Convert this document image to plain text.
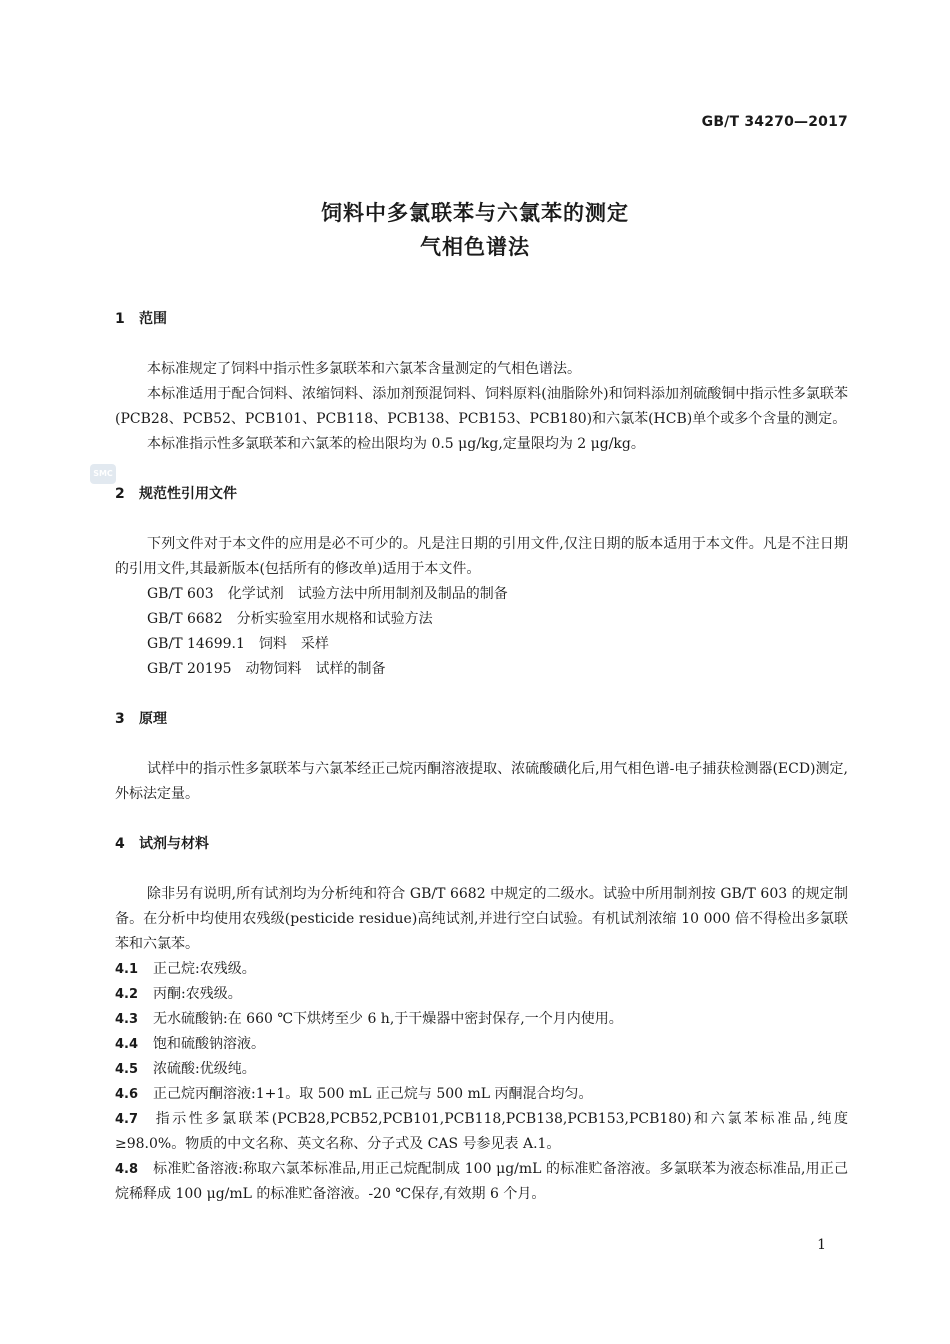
GB/T 34270—2017
饲料中多氯联苯与六氯苯的测定
气相色谱法
SMC
1 范围
本标准规定了饲料中指示性多氯联苯和六氯苯含量测定的气相色谱法。
本标准适用于配合饲料、浓缩饲料、添加剂预混饲料、饲料原料(油脂除外)和饲料添加剂硫酸铜中指示性多氯联苯(PCB28、PCB52、PCB101、PCB118、PCB138、PCB153、PCB180)和六氯苯(HCB)单个或多个含量的测定。
本标准指示性多氯联苯和六氯苯的检出限均为 0.5 μg/kg,定量限均为 2 μg/kg。
2 规范性引用文件
下列文件对于本文件的应用是必不可少的。凡是注日期的引用文件,仅注日期的版本适用于本文件。凡是不注日期的引用文件,其最新版本(包括所有的修改单)适用于本文件。
GB/T 603　化学试剂　试验方法中所用制剂及制品的制备
GB/T 6682　分析实验室用水规格和试验方法
GB/T 14699.1　饲料　采样
GB/T 20195　动物饲料　试样的制备
3 原理
试样中的指示性多氯联苯与六氯苯经正己烷丙酮溶液提取、浓硫酸磺化后,用气相色谱-电子捕获检测器(ECD)测定,外标法定量。
4 试剂与材料
除非另有说明,所有试剂均为分析纯和符合 GB/T 6682 中规定的二级水。试验中所用制剂按 GB/T 603 的规定制备。在分析中均使用农残级(pesticide residue)高纯试剂,并进行空白试验。有机试剂浓缩 10 000 倍不得检出多氯联苯和六氯苯。
4.1 正己烷:农残级。
4.2 丙酮:农残级。
4.3 无水硫酸钠:在 660 ℃下烘烤至少 6 h,于干燥器中密封保存,一个月内使用。
4.4 饱和硫酸钠溶液。
4.5 浓硫酸:优级纯。
4.6 正己烷丙酮溶液:1+1。取 500 mL 正己烷与 500 mL 丙酮混合均匀。
4.7 指示性多氯联苯(PCB28,PCB52,PCB101,PCB118,PCB138,PCB153,PCB180)和六氯苯标准品,纯度≥98.0%。物质的中文名称、英文名称、分子式及 CAS 号参见表 A.1。
4.8 标准贮备溶液:称取六氯苯标准品,用正己烷配制成 100 μg/mL 的标准贮备溶液。多氯联苯为液态标准品,用正己烷稀释成 100 μg/mL 的标准贮备溶液。-20 ℃保存,有效期 6 个月。
1
